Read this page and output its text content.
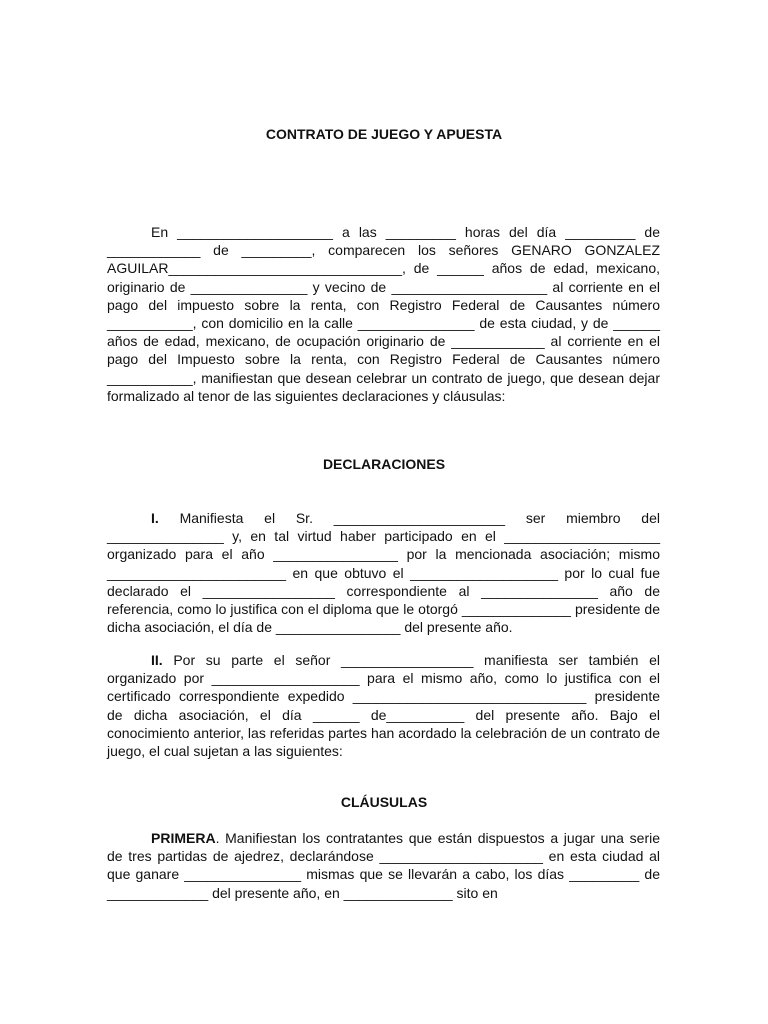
CONTRATO DE JUEGO Y APUESTA

En ____________________ a las _________ horas del día _________ de ____________ de _________, comparecen los señores GENARO GONZALEZ AGUILAR______________________________, de ______ años de edad, mexicano, originario de _______________ y vecino de ____________________ al corriente en el pago del impuesto sobre la renta, con Registro Federal de Causantes número ___________, con domicilio en la calle _______________ de esta ciudad, y de ______ años de edad, mexicano, de ocupación originario de ____________ al corriente en el pago del Impuesto sobre la renta, con Registro Federal de Causantes número ___________, manifiestan que desean celebrar un contrato de juego, que desean dejar formalizado al tenor de las siguientes declaraciones y cláusulas:

DECLARACIONES

I. Manifiesta el Sr. ______________________ ser miembro del _______________ y, en tal virtud haber participado en el ____________________ organizado para el año ________________ por la mencionada asociación; mismo _______________________ en que obtuvo el ___________________ por lo cual fue declarado el _________________ correspondiente al _______________ año de referencia, como lo justifica con el diploma que le otorgó ______________ presidente de dicha asociación, el día de ________________ del presente año.

II. Por su parte el señor _________________ manifiesta ser también el organizado por ___________________ para el mismo año, como lo justifica con el certificado correspondiente expedido ______________________________ presidente de dicha asociación, el día ______ de__________ del presente año. Bajo el conocimiento anterior, las referidas partes han acordado la celebración de un contrato de juego, el cual sujetan a las siguientes:

CLÁUSULAS

PRIMERA. Manifiestan los contratantes que están dispuestos a jugar una serie de tres partidas de ajedrez, declarándose _____________________ en esta ciudad al que ganare _______________ mismas que se llevarán a cabo, los días _________ de _____________ del presente año, en ______________ sito en
